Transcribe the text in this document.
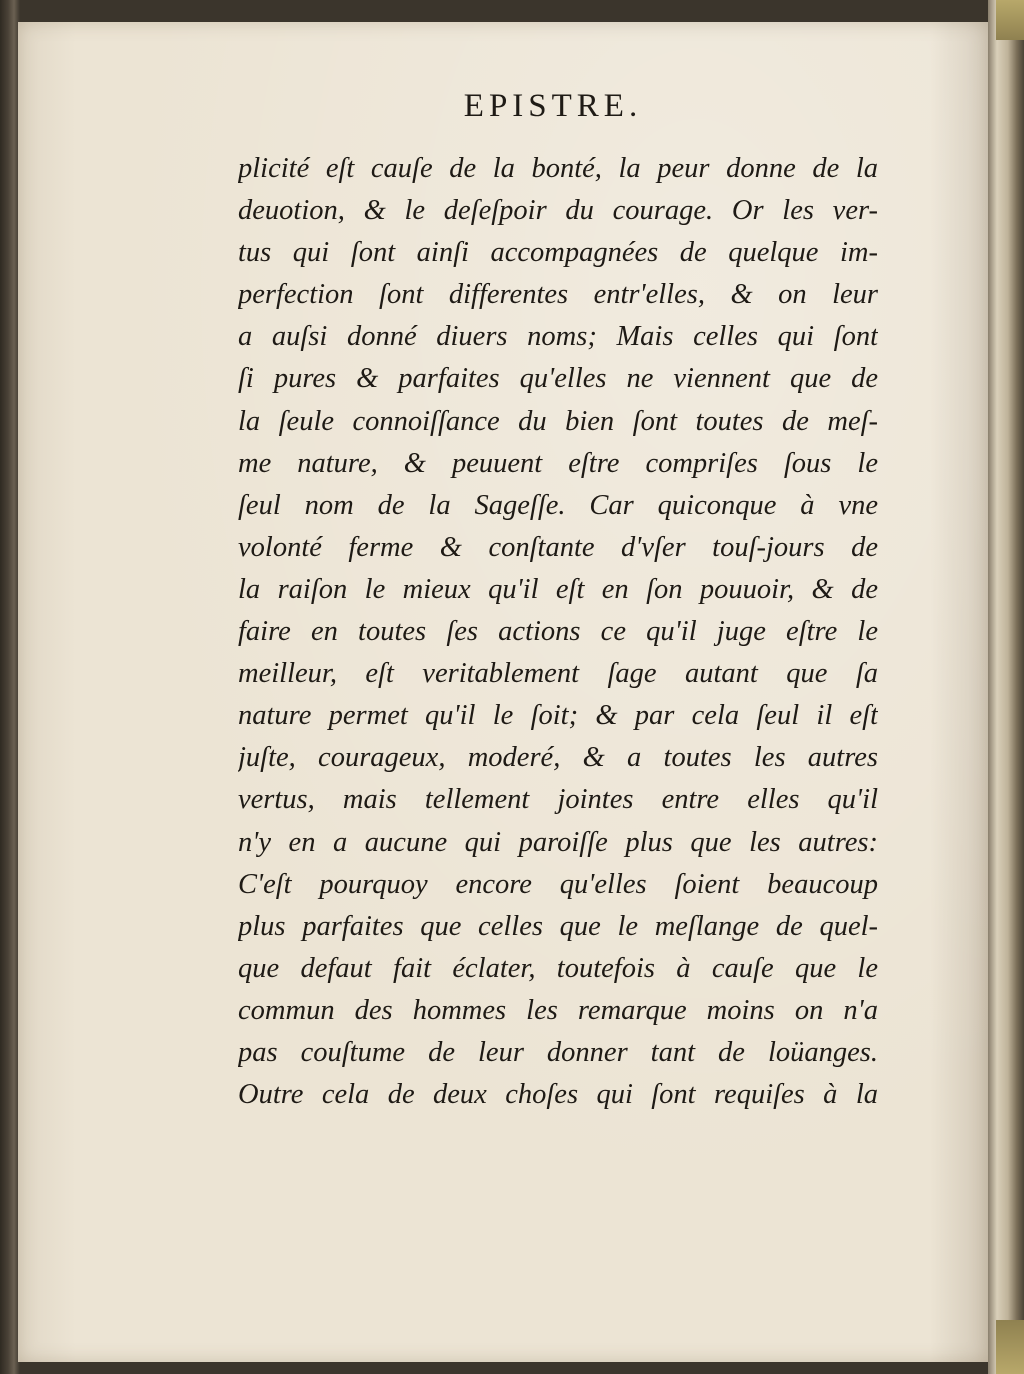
EPISTRE.
plicité eſt cauſe de la bonté, la peur donne de la
deuotion, & le deſeſpoir du courage. Or les ver-
tus qui ſont ainſi accompagnées de quelque im-
perfection ſont differentes entr'elles, & on leur
a auſsi donné diuers noms; Mais celles qui ſont
ſi pures & parfaites qu'elles ne viennent que de
la ſeule connoiſſance du bien ſont toutes de meſ-
me nature, & peuuent eſtre compriſes ſous le
ſeul nom de la Sageſſe. Car quiconque à vne
volonté ferme & conſtante d'vſer touſ-jours de
la raiſon le mieux qu'il eſt en ſon pouuoir, & de
faire en toutes ſes actions ce qu'il juge eſtre le
meilleur, eſt veritablement ſage autant que ſa
nature permet qu'il le ſoit; & par cela ſeul il eſt
juſte, courageux, moderé, & a toutes les autres
vertus, mais tellement jointes entre elles qu'il
n'y en a aucune qui paroiſſe plus que les autres:
C'eſt pourquoy encore qu'elles ſoient beaucoup
plus parfaites que celles que le meſlange de quel-
que defaut fait éclater, toutefois à cauſe que le
commun des hommes les remarque moins on n'a
pas couſtume de leur donner tant de loüanges.
Outre cela de deux choſes qui ſont requiſes à la
